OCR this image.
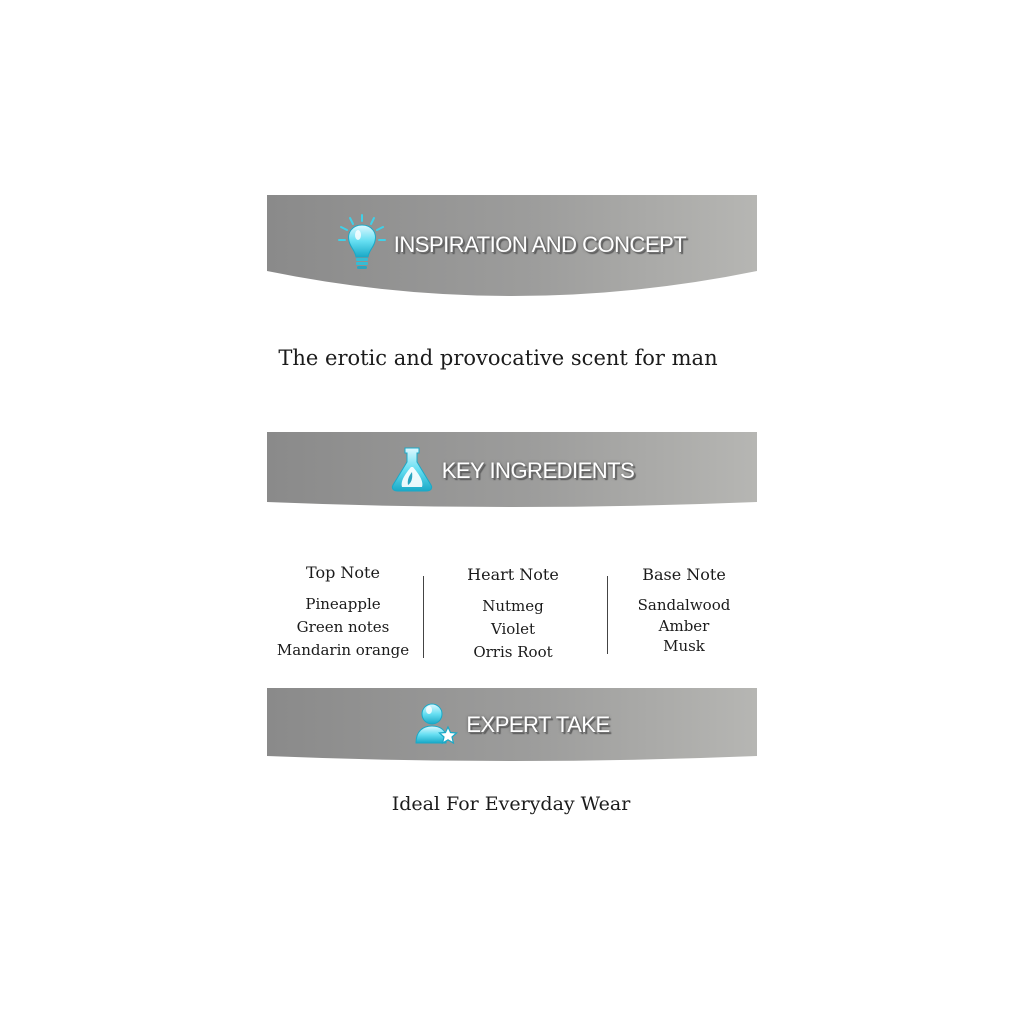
INSPIRATION AND CONCEPT
The erotic and provocative scent for man
KEY INGREDIENTS
Top Note
Pineapple
Green notes
Mandarin orange
Heart Note
Nutmeg
Violet
Orris Root
Base Note
Sandalwood
Amber
Musk
EXPERT TAKE
Ideal For Everyday Wear
